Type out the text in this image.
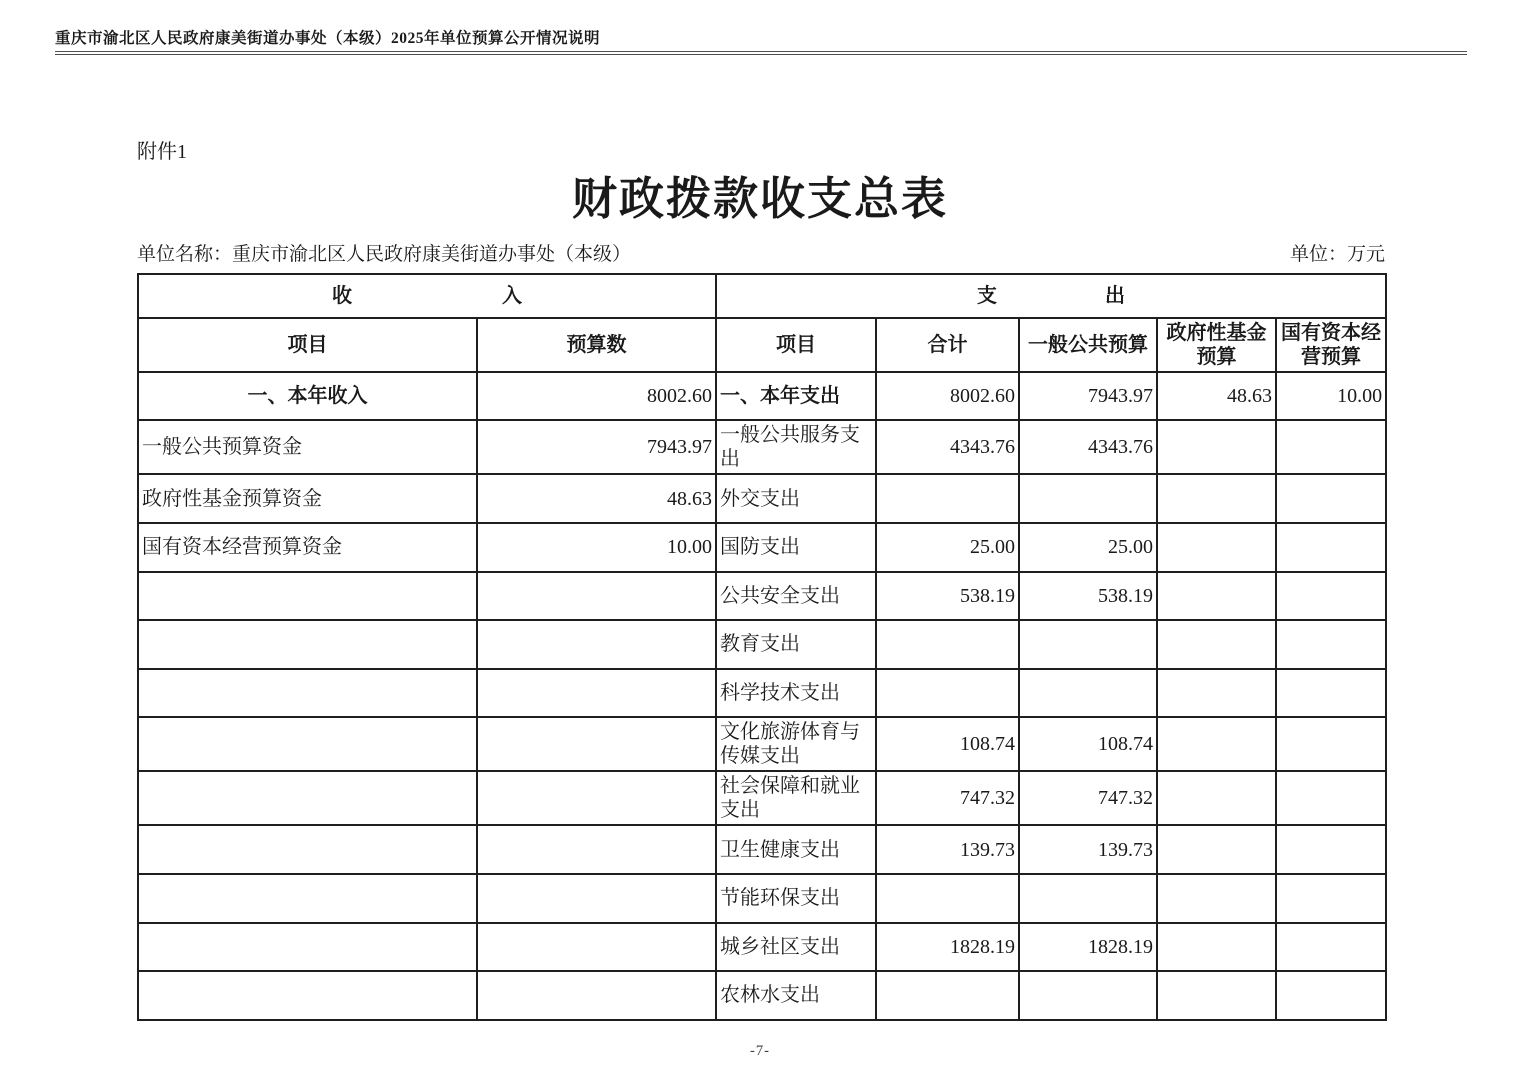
重庆市渝北区人民政府康美街道办事处（本级）2025年单位预算公开情况说明
附件1
财政拨款收支总表
单位名称：重庆市渝北区人民政府康美街道办事处（本级）	单位：万元
收入		支出				
项目	预算数	项目	合计	一般公共预算	政府性基金预算	国有资本经营预算
一、本年收入	8002.60	一、本年支出	8002.60	7943.97	48.63	10.00
一般公共预算资金	7943.97	一般公共服务支出	4343.76	4343.76		
政府性基金预算资金	48.63	外交支出				
国有资本经营预算资金	10.00	国防支出	25.00	25.00		
		公共安全支出	538.19	538.19		
		教育支出				
		科学技术支出				
		文化旅游体育与传媒支出	108.74	108.74		
		社会保障和就业支出	747.32	747.32		
		卫生健康支出	139.73	139.73		
		节能环保支出				
		城乡社区支出	1828.19	1828.19		
		农林水支出				
-7-
